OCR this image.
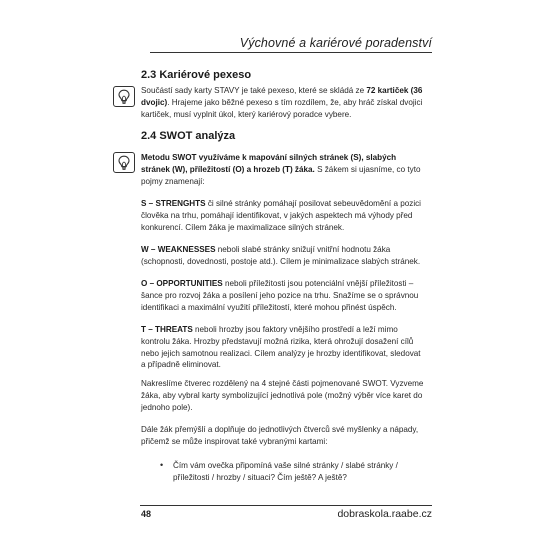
Výchovné a kariérové poradenství
2.3 Kariérové pexeso
Součástí sady karty STAVY je také pexeso, které se skládá ze 72 kartiček (36 dvojic). Hrajeme jako běžné pexeso s tím rozdílem, že, aby hráč získal dvojici kartiček, musí vyplnit úkol, který kariérový poradce vybere.
2.4 SWOT analýza
Metodu SWOT využíváme k mapování silných stránek (S), slabých stránek (W), příležitostí (O) a hrozeb (T) žáka. S žákem si ujasníme, co tyto pojmy znamenají:
S – STRENGHTS či silné stránky pomáhají posilovat sebeuvědomění a pozici člověka na trhu, pomáhají identifikovat, v jakých aspektech má výhody před konkurencí. Cílem žáka je maximalizace silných stránek.
W – WEAKNESSES neboli slabé stránky snižují vnitřní hodnotu žáka (schopnosti, dovednosti, postoje atd.). Cílem je minimalizace slabých stránek.
O – OPPORTUNITIES neboli příležitosti jsou potenciální vnější příležitosti – šance pro rozvoj žáka a posílení jeho pozice na trhu. Snažíme se o správnou identifikaci a maximální využití příležitostí, které mohou přinést úspěch.
T – THREATS neboli hrozby jsou faktory vnějšího prostředí a leží mimo kontrolu žáka. Hrozby představují možná rizika, která ohrožují dosažení cílů nebo jejich samotnou realizaci. Cílem analýzy je hrozby identifikovat, sledovat a případně eliminovat.
Nakreslíme čtverec rozdělený na 4 stejné části pojmenované SWOT. Vyzveme žáka, aby vybral karty symbolizující jednotlivá pole (možný výběr více karet do jednoho pole).
Dále žák přemýšlí a doplňuje do jednotlivých čtverců své myšlenky a nápady, přičemž se může inspirovat také vybranými kartami:
• Čím vám ovečka připomíná vaše silné stránky / slabé stránky / příležitosti / hrozby / situaci? Čím ještě? A ještě?
48	dobraskola.raabe.cz
